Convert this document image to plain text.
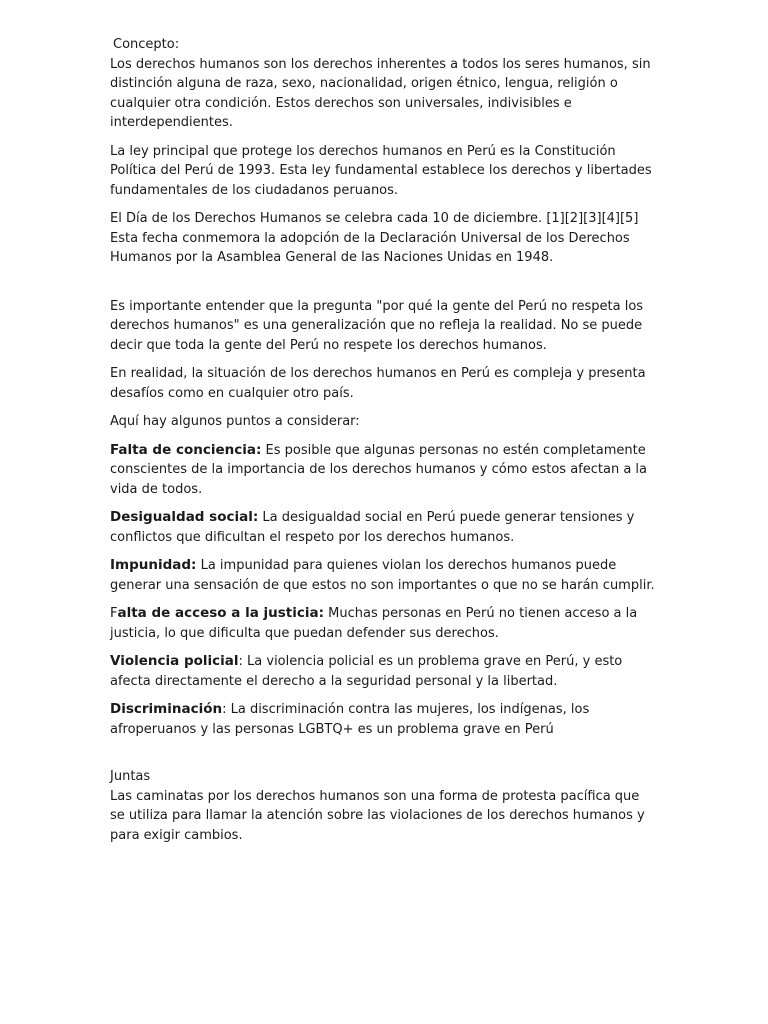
Concepto:
Los derechos humanos son los derechos inherentes a todos los seres humanos, sin distinción alguna de raza, sexo, nacionalidad, origen étnico, lengua, religión o cualquier otra condición. Estos derechos son universales, indivisibles e interdependientes.

La ley principal que protege los derechos humanos en Perú es la Constitución Política del Perú de 1993. Esta ley fundamental establece los derechos y libertades fundamentales de los ciudadanos peruanos.

El Día de los Derechos Humanos se celebra cada 10 de diciembre. [1][2][3][4][5] Esta fecha conmemora la adopción de la Declaración Universal de los Derechos Humanos por la Asamblea General de las Naciones Unidas en 1948.

Es importante entender que la pregunta "por qué la gente del Perú no respeta los derechos humanos" es una generalización que no refleja la realidad. No se puede decir que toda la gente del Perú no respete los derechos humanos.

En realidad, la situación de los derechos humanos en Perú es compleja y presenta desafíos como en cualquier otro país.

Aquí hay algunos puntos a considerar:

Falta de conciencia: Es posible que algunas personas no estén completamente conscientes de la importancia de los derechos humanos y cómo estos afectan a la vida de todos.

Desigualdad social: La desigualdad social en Perú puede generar tensiones y conflictos que dificultan el respeto por los derechos humanos.

Impunidad: La impunidad para quienes violan los derechos humanos puede generar una sensación de que estos no son importantes o que no se harán cumplir.

Falta de acceso a la justicia: Muchas personas en Perú no tienen acceso a la justicia, lo que dificulta que puedan defender sus derechos.

Violencia policial: La violencia policial es un problema grave en Perú, y esto afecta directamente el derecho a la seguridad personal y la libertad.

Discriminación: La discriminación contra las mujeres, los indígenas, los afroperuanos y las personas LGBTQ+ es un problema grave en Perú

Juntas
Las caminatas por los derechos humanos son una forma de protesta pacífica que se utiliza para llamar la atención sobre las violaciones de los derechos humanos y para exigir cambios.
